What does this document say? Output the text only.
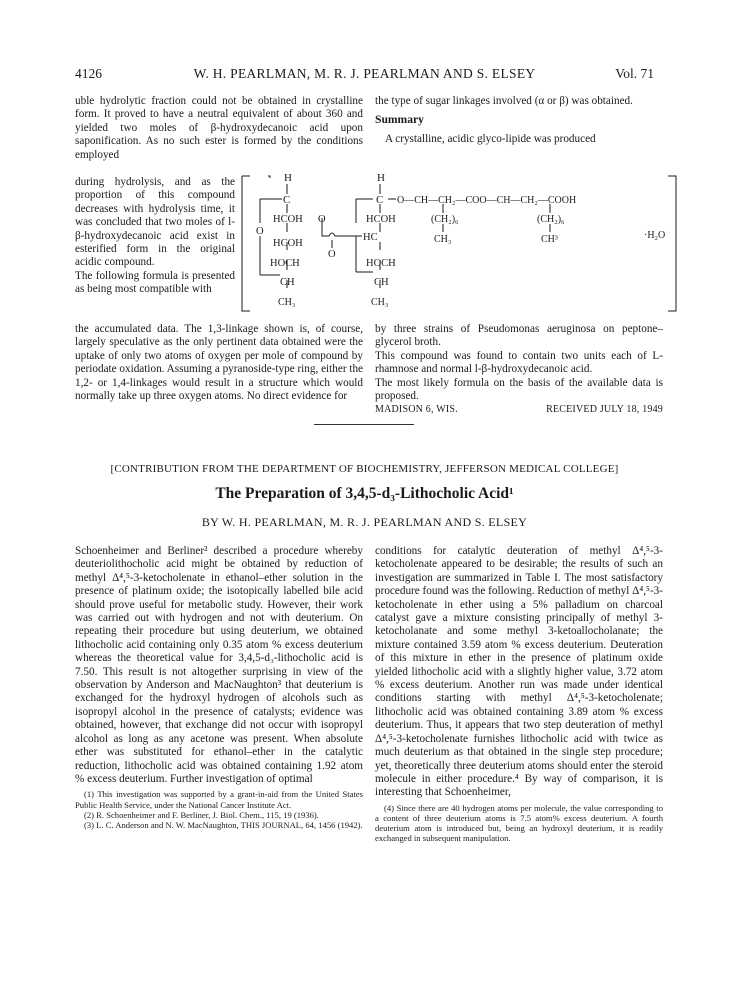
4126	W. H. PEARLMAN, M. R. J. PEARLMAN AND S. ELSEY	Vol. 71

uble hydrolytic fraction could not be obtained in crystalline form. It proved to have a neutral equivalent of about 360 and yielded two moles of β-hydroxydecanoic acid upon saponification. As no such ester is formed by the conditions employed

during hydrolysis, and as the proportion of this compound decreases with hydrolysis time, it was concluded that two moles of l-β-hydroxydecanoic acid exist in esterified form in the original acidic compound.

The following formula is presented as being most compatible with

the type of sugar linkages involved (α or β) was obtained.

Summary

A crystalline, acidic glyco-lipide was produced

H	H
C	C O—CH—CH₂—COO—CH—CH₂—COOH
HCOH O	HCOH
O
HCOH
HC
O
HOCH	HOCH
CH	CH
CH₃	CH₃
(CH₂)₆	(CH₂)₆
CH₃	CH³	·H₂O

the accumulated data. The 1,3-linkage shown is, of course, largely speculative as the only pertinent data obtained were the uptake of only two atoms of oxygen per mole of compound by periodate oxidation. Assuming a pyranoside-type ring, either the 1,2- or 1,4-linkages would result in a structure which would normally take up three oxygen atoms. No direct evidence for

by three strains of Pseudomonas aeruginosa on peptone–glycerol broth.

This compound was found to contain two units each of L-rhamnose and normal l-β-hydroxydecanoic acid.

The most likely formula on the basis of the available data is proposed.

MADISON 6, WIS.	RECEIVED JULY 18, 1949
[CONTRIBUTION FROM THE DEPARTMENT OF BIOCHEMISTRY, JEFFERSON MEDICAL COLLEGE]
The Preparation of 3,4,5-d₃-Lithocholic Acid¹
BY W. H. PEARLMAN, M. R. J. PEARLMAN AND S. ELSEY

Schoenheimer and Berliner² described a procedure whereby deuteriolithocholic acid might be obtained by reduction of methyl Δ⁴,⁵-3-ketocholenate in ethanol–ether solution in the presence of platinum oxide; the isotopically labelled bile acid should prove useful for metabolic study. However, their work was carried out with hydrogen and not with deuterium. On repeating their procedure but using deuterium, we obtained lithocholic acid containing only 0.35 atom % excess deuterium whereas the theoretical value for 3,4,5-d₃-lithocholic acid is 7.50. This result is not altogether surprising in view of the observation by Anderson and MacNaughton³ that deuterium is exchanged for the hydroxyl hydrogen of alcohols such as isopropyl alcohol in the presence of catalysts; evidence was obtained, however, that exchange did not occur with isopropyl alcohol as long as any acetone was present. When absolute ether was substituted for ethanol–ether in the catalytic reduction, lithocholic acid was obtained containing 1.92 atom % excess deuterium. Further investigation of optimal

(1) This investigation was supported by a grant-in-aid from the United States Public Health Service, under the National Cancer Institute Act.

(2) R. Schoenheimer and F. Berliner, J. Biol. Chem., 115, 19 (1936).

(3) L. C. Anderson and N. W. MacNaughton, THIS JOURNAL, 64, 1456 (1942).

conditions for catalytic deuteration of methyl Δ⁴,⁵-3-ketocholenate appeared to be desirable; the results of such an investigation are summarized in Table I. The most satisfactory procedure found was the following. Reduction of methyl Δ⁴,⁵-3-ketocholenate in ether using a 5% palladium on charcoal catalyst gave a mixture consisting principally of methyl 3-ketocholanate and some methyl 3-ketoallocholanate; the mixture contained 3.59 atom % excess deuterium. Deuteration of this mixture in ether in the presence of platinum oxide yielded lithocholic acid with a slightly higher value, 3.72 atom % excess deuterium. Another run was made under identical conditions starting with methyl Δ⁴,⁵-3-ketocholenate; lithocholic acid was obtained containing 3.89 atom % excess deuterium. Thus, it appears that two step deuteration of methyl Δ⁴,⁵-3-ketocholenate furnishes lithocholic acid with twice as much deuterium as that obtained in the single step procedure; yet, theoretically three deuterium atoms should enter the steroid molecule in either procedure.⁴ By way of comparison, it is interesting that Schoenheimer,

(4) Since there are 40 hydrogen atoms per molecule, the value corresponding to a content of three deuterium atoms is 7.5 atom% excess deuterium. A fourth deuterium atom is introduced but, being an hydroxyl deuterium, it is readily exchanged in subsequent manipulation.
